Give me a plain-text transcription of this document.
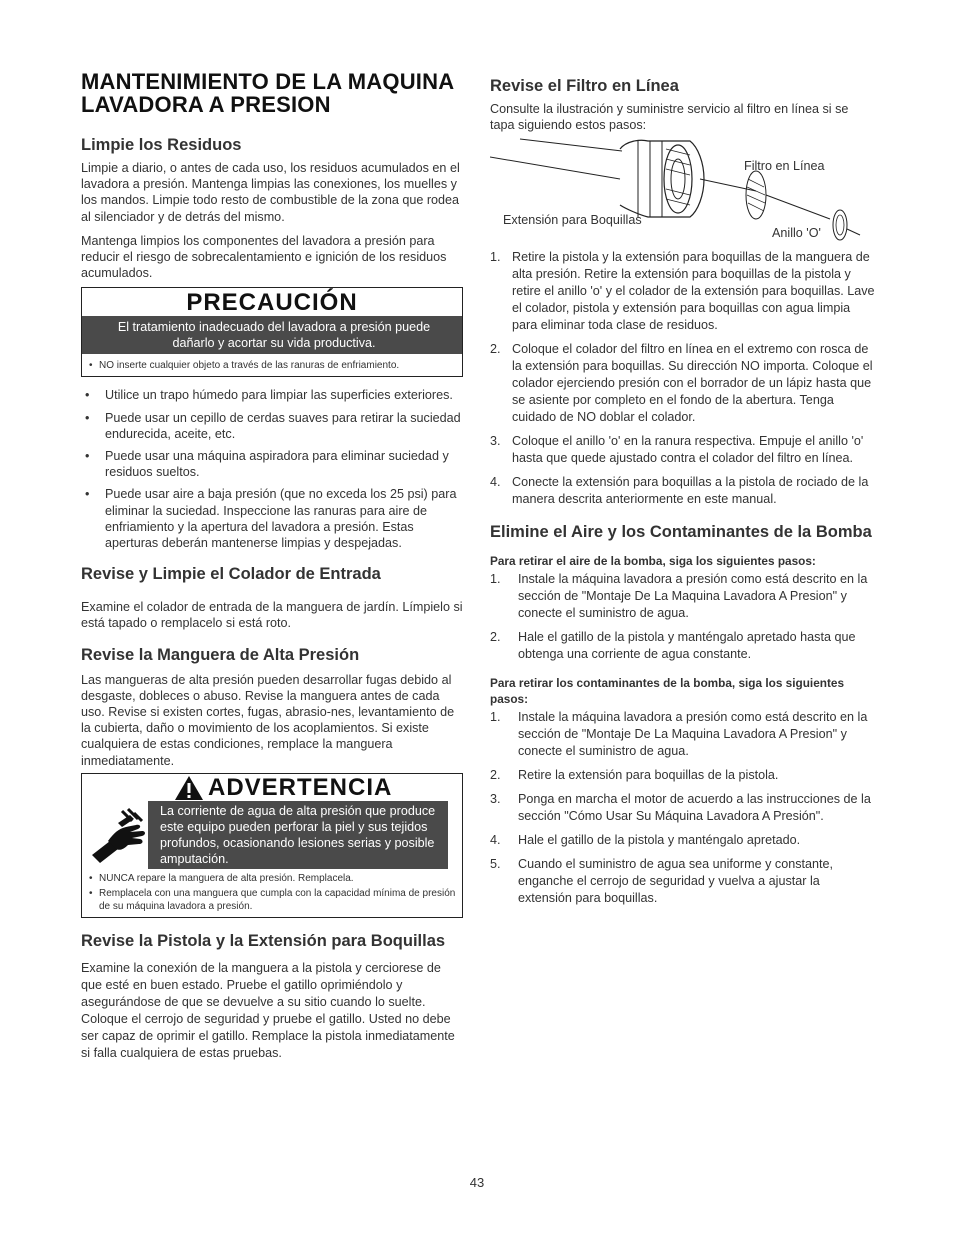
MANTENIMIENTO DE LA MAQUINA LAVADORA A PRESION
Limpie los Residuos

Limpie a diario, o antes de cada uso, los residuos acumulados en el lavadora a presión. Mantenga limpias las conexiones, los muelles y los mandos. Limpie todo resto de combustible de la zona que rodea al silenciador y de detrás del mismo.

Mantenga limpios los componentes del lavadora a presión para reducir el riesgo de sobrecalentamiento e ignición de los residuos acumulados.

PRECAUCIÓN
El tratamiento inadecuado del lavadora a presión puede dañarlo y acortar su vida productiva.
• NO inserte cualquier objeto a través de las ranuras de enfriamiento.
• Utilice un trapo húmedo para limpiar las superficies exteriores.
• Puede usar un cepillo de cerdas suaves para retirar la suciedad endurecida, aceite, etc.
• Puede usar una máquina aspiradora para eliminar suciedad y residuos sueltos.
• Puede usar aire a baja presión (que no exceda los 25 psi) para eliminar la suciedad. Inspeccione las ranuras para aire de enfriamiento y la apertura del lavadora a presión. Estas aperturas deberán mantenerse limpias y despejadas.
Revise y Limpie el Colador de Entrada

Examine el colador de entrada de la manguera de jardín. Límpielo si está tapado o remplacelo si está roto.

Revise la Manguera de Alta Presión

Las mangueras de alta presión pueden desarrollar fugas debido al desgaste, dobleces o abuso. Revise la manguera antes de cada uso. Revise si existen cortes, fugas, abrasio-nes, levantamiento de la cubierta, daño o movimiento de los acoplamientos. Si existe cualquiera de estas condiciones, remplace la manguera inmediatamente.

ADVERTENCIA
La corriente de agua de alta presión que produce este equipo pueden perforar la piel y sus tejidos profundos, ocasionando lesiones serias y posible amputación.
• NUNCA repare la manguera de alta presión. Remplacela.
• Remplacela con una manguera que cumpla con la capacidad mínima de presión de su máquina lavadora a presión.
Revise la Pistola y la Extensión para Boquillas

Examine la conexión de la manguera a la pistola y cerciorese de que esté en buen estado. Pruebe el gatillo oprimiéndolo y asegurándose de que se devuelve a su sitio cuando lo suelte. Coloque el cerrojo de seguridad y pruebe el gatillo. Usted no debe ser capaz de oprimir el gatillo. Remplace la pistola inmediatamente si falla cualquiera de estas pruebas.

Revise el Filtro en Línea

Consulte la ilustración y suministre servicio al filtro en línea si se tapa siguiendo estos pasos:

Filtro en Línea
Extensión para Boquillas
Anillo 'O'
1. Retire la pistola y la extensión para boquillas de la manguera de alta presión. Retire la extensión para boquillas de la pistola y retire el anillo 'o' y el colador de la extensión para boquillas. Lave el colador, pistola y extensión para boquillas con agua limpia para eliminar toda clase de residuos.
2. Coloque el colador del filtro en línea en el extremo con rosca de la extensión para boquillas. Su dirección NO importa. Coloque el colador ejerciendo presión con el borrador de un lápiz hasta que se asiente por completo en el fondo de la abertura. Tenga cuidado de NO doblar el colador.
3. Coloque el anillo 'o' en la ranura respectiva. Empuje el anillo 'o' hasta que quede ajustado contra el colador del filtro en línea.
4. Conecte la extensión para boquillas a la pistola de rociado de la manera descrita anteriormente en este manual.
Elimine el Aire y los Contaminantes de la Bomba
Para retirar el aire de la bomba, siga los siguientes pasos:
1. Instale la máquina lavadora a presión como está descrito en la sección de "Montaje De La Maquina Lavadora A Presion" y conecte el suministro de agua.
2. Hale el gatillo de la pistola y manténgalo apretado hasta que obtenga una corriente de agua constante.
Para retirar los contaminantes de la bomba, siga los siguientes pasos:
1. Instale la máquina lavadora a presión como está descrito en la sección de "Montaje De La Maquina Lavadora A Presion" y conecte el suministro de agua.
2. Retire la extensión para boquillas de la pistola.
3. Ponga en marcha el motor de acuerdo a las instrucciones de la sección "Cómo Usar Su Máquina Lavadora A Presión".
4. Hale el gatillo de la pistola y manténgalo apretado.
5. Cuando el suministro de agua sea uniforme y constante, enganche el cerrojo de seguridad y vuelva a ajustar la extensión para boquillas.
43
